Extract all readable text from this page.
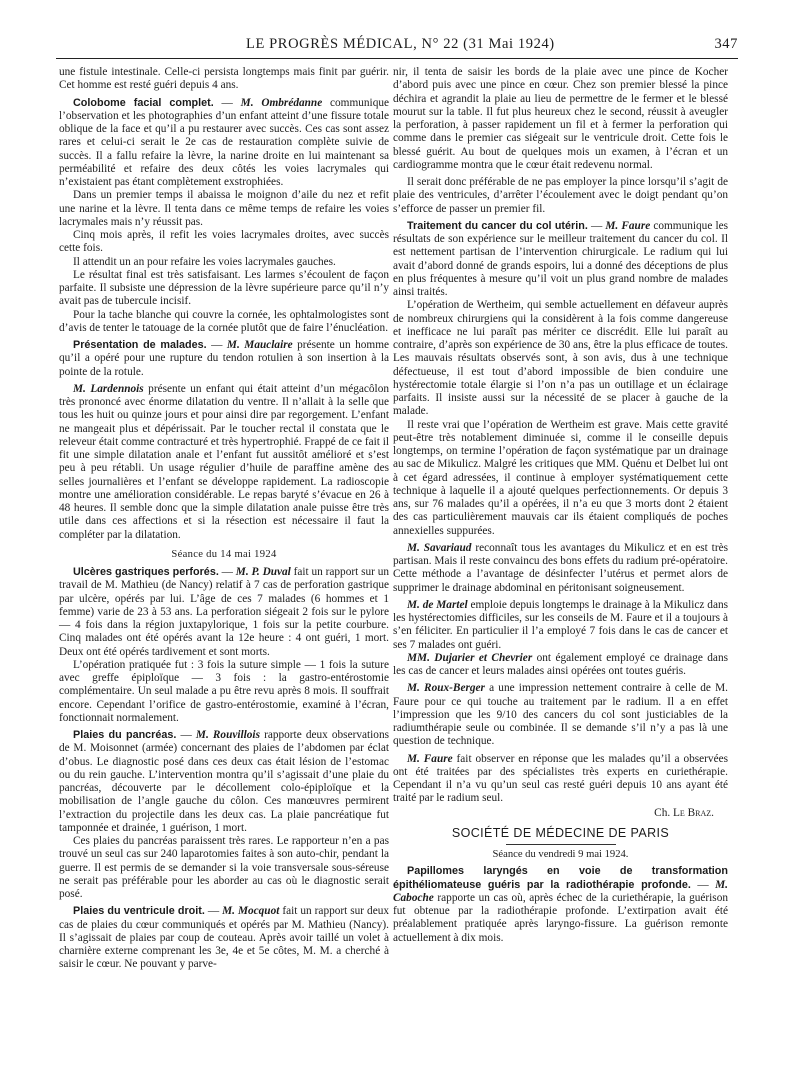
LE PROGRÈS MÉDICAL, N° 22 (31 Mai 1924)	347

une fistule intestinale. Celle-ci persista longtemps mais finit par guérir. Cet homme est resté guéri depuis 4 ans.

Colobome facial complet. — M. Ombrédanne communique l’observation et les photographies d’un enfant atteint d’une fissure totale oblique de la face et qu’il a pu restaurer avec succès. Ces cas sont assez rares et celui-ci serait le 2e cas de restauration complète suivie de succès. Il a fallu refaire la lèvre, la narine droite en lui maintenant sa perméabilité et refaire des deux côtés les voies lacrymales qui n’existaient pas étant complètement exstrophiées.

Dans un premier temps il abaissa le moignon d’aile du nez et refit une narine et la lèvre. Il tenta dans ce même temps de refaire les voies lacrymales mais n’y réussit pas.

Cinq mois après, il refit les voies lacrymales droites, avec succès cette fois.

Il attendit un an pour refaire les voies lacrymales gauches.

Le résultat final est très satisfaisant. Les larmes s’écoulent de façon parfaite. Il subsiste une dépression de la lèvre supérieure parce qu’il n’y avait pas de tubercule incisif.

Pour la tache blanche qui couvre la cornée, les ophtalmologistes sont d’avis de tenter le tatouage de la cornée plutôt que de faire l’énucléation.

Présentation de malades. — M. Mauclaire présente un homme qu’il a opéré pour une rupture du tendon rotulien à son insertion à la pointe de la rotule.

M. Lardennois présente un enfant qui était atteint d’un mégacôlon très prononcé avec énorme dilatation du ventre. Il n’allait à la selle que tous les huit ou quinze jours et pour ainsi dire par regorgement. L’enfant ne mangeait plus et dépérissait. Par le toucher rectal il constata que le releveur était comme contracturé et très hypertrophié. Frappé de ce fait il fit une simple dilatation anale et l’enfant fut aussitôt amélioré et s’est peu à peu rétabli. Un usage régulier d’huile de paraffine amène des selles journalières et l’enfant se développe rapidement. La radioscopie montre une amélioration considérable. Le repas baryté s’évacue en 26 à 48 heures. Il semble donc que la simple dilatation anale puisse être très utile dans ces affections et si la résection est nécessaire il faut la compléter par la dilatation.

Séance du 14 mai 1924

Ulcères gastriques perforés. — M. P. Duval fait un rapport sur un travail de M. Mathieu (de Nancy) relatif à 7 cas de perforation gastrique par ulcère, opérés par lui. L’âge de ces 7 malades (6 hommes et 1 femme) varie de 23 à 53 ans. La perforation siégeait 2 fois sur le pylore — 4 fois dans la région juxtapylorique, 1 fois sur la petite courbure. Cinq malades ont été opérés avant la 12e heure : 4 ont guéri, 1 mort. Deux ont été opérés tardivement et sont morts.

L’opération pratiquée fut : 3 fois la suture simple — 1 fois la suture avec greffe épiploïque — 3 fois : la gastro-entérostomie complémentaire. Un seul malade a pu être revu après 8 mois. Il souffrait encore. Cependant l’orifice de gastro-entérostomie, examiné à l’écran, fonctionnait normalement.

Plaies du pancréas. — M. Rouvillois rapporte deux observations de M. Moisonnet (armée) concernant des plaies de l’abdomen par éclat d’obus. Le diagnostic posé dans ces deux cas était lésion de l’estomac ou du rein gauche. L’intervention montra qu’il s’agissait d’une plaie du pancréas, découverte par le décollement colo-épiploïque et la mobilisation de l’angle gauche du côlon. Ces manœuvres permirent l’extraction du projectile dans les deux cas. La plaie pancréatique fut tamponnée et drainée, 1 guérison, 1 mort.

Ces plaies du pancréas paraissent très rares. Le rapporteur n’en a pas trouvé un seul cas sur 240 laparotomies faites à son auto-chir, pendant la guerre. Il est permis de se demander si la voie transversale sous-séreuse ne serait pas préférable pour les aborder au cas où le diagnostic serait posé.

Plaies du ventricule droit. — M. Mocquot fait un rapport sur deux cas de plaies du cœur communiqués et opérés par M. Mathieu (Nancy). Il s’agissait de plaies par coup de couteau. Après avoir taillé un volet à charnière externe comprenant les 3e, 4e et 5e côtes, M. M. a cherché à saisir le cœur. Ne pouvant y parve-

nir, il tenta de saisir les bords de la plaie avec une pince de Kocher d’abord puis avec une pince en cœur. Chez son premier blessé la pince déchira et agrandit la plaie au lieu de permettre de le fermer et le blessé mourut sur la table. Il fut plus heureux chez le second, réussit à aveugler la perforation, à passer rapidement un fil et à fermer la perforation qui comme dans le premier cas siégeait sur le ventricule droit. Cette fois le blessé guérit. Au bout de quelques mois un examen, à l’écran et un cardiogramme montra que le cœur était redevenu normal.

Il serait donc préférable de ne pas employer la pince lorsqu’il s’agit de plaie des ventricules, d’arrêter l’écoulement avec le doigt pendant qu’on s’efforce de passer un premier fil.

Traitement du cancer du col utérin. — M. Faure communique les résultats de son expérience sur le meilleur traitement du cancer du col. Il est nettement partisan de l’intervention chirurgicale. Le radium qui lui avait d’abord donné de grands espoirs, lui a donné des déceptions de plus en plus fréquentes à mesure qu’il voit un plus grand nombre de malades ainsi traités.

L’opération de Wertheim, qui semble actuellement en défaveur auprès de nombreux chirurgiens qui la considèrent à la fois comme dangereuse et inefficace ne lui paraît pas mériter ce discrédit. Elle lui paraît au contraire, d’après son expérience de 30 ans, être la plus efficace de toutes. Les mauvais résultats observés sont, à son avis, dus à une technique défectueuse, il est tout d’abord impossible de bien conduire une hystérectomie totale élargie si l’on n’a pas un outillage et un éclairage parfaits. Il insiste aussi sur la nécessité de se placer à gauche de la malade.

Il reste vrai que l’opération de Wertheim est grave. Mais cette gravité peut-être très notablement diminuée si, comme il le conseille depuis longtemps, on termine l’opération de façon systématique par un drainage au sac de Mikulicz. Malgré les critiques que MM. Quénu et Delbet lui ont à cet égard adressées, il continue à employer systématiquement cette technique à laquelle il a ajouté quelques perfectionnements. Or depuis 3 ans, sur 76 malades qu’il a opérées, il n’a eu que 3 morts dont 2 étaient des cas particulièrement mauvais car ils étaient compliqués de poches annexielles suppurées.

M. Savariaud reconnaît tous les avantages du Mikulicz et en est très partisan. Mais il reste convaincu des bons effets du radium pré-opératoire. Cette méthode a l’avantage de désinfecter l’utérus et permet alors de supprimer le drainage abdominal en péritonisant soigneusement.

M. de Martel emploie depuis longtemps le drainage à la Mikulicz dans les hystérectomies difficiles, sur les conseils de M. Faure et il a toujours à s’en féliciter. En particulier il l’a employé 7 fois dans le cas de cancer et ses 7 malades ont guéri.

MM. Dujarier et Chevrier ont également employé ce drainage dans les cas de cancer et leurs malades ainsi opérées ont toutes guéris.

M. Roux-Berger a une impression nettement contraire à celle de M. Faure pour ce qui touche au traitement par le radium. Il a en effet l’impression que les 9/10 des cancers du col sont justiciables de la radiumthérapie seule ou combinée. Il se demande s’il n’y a pas là une question de technique.

M. Faure fait observer en réponse que les malades qu’il a observées ont été traitées par des spécialistes très experts en curiethérapie. Cependant il n’a vu qu’un seul cas resté guéri depuis 10 ans ayant été traité par le radium seul.

Ch. Le Braz.
SOCIÉTÉ DE MÉDECINE DE PARIS
Séance du vendredi 9 mai 1924.

Papillomes laryngés en voie de transformation épithéliomateuse guéris par la radiothérapie profonde. — M. Caboche rapporte un cas où, après échec de la curiethérapie, la guérison fut obtenue par la radiothérapie profonde. L’extirpation avait été préalablement pratiquée après laryngo-fissure. La guérison remonte actuellement à dix mois.
